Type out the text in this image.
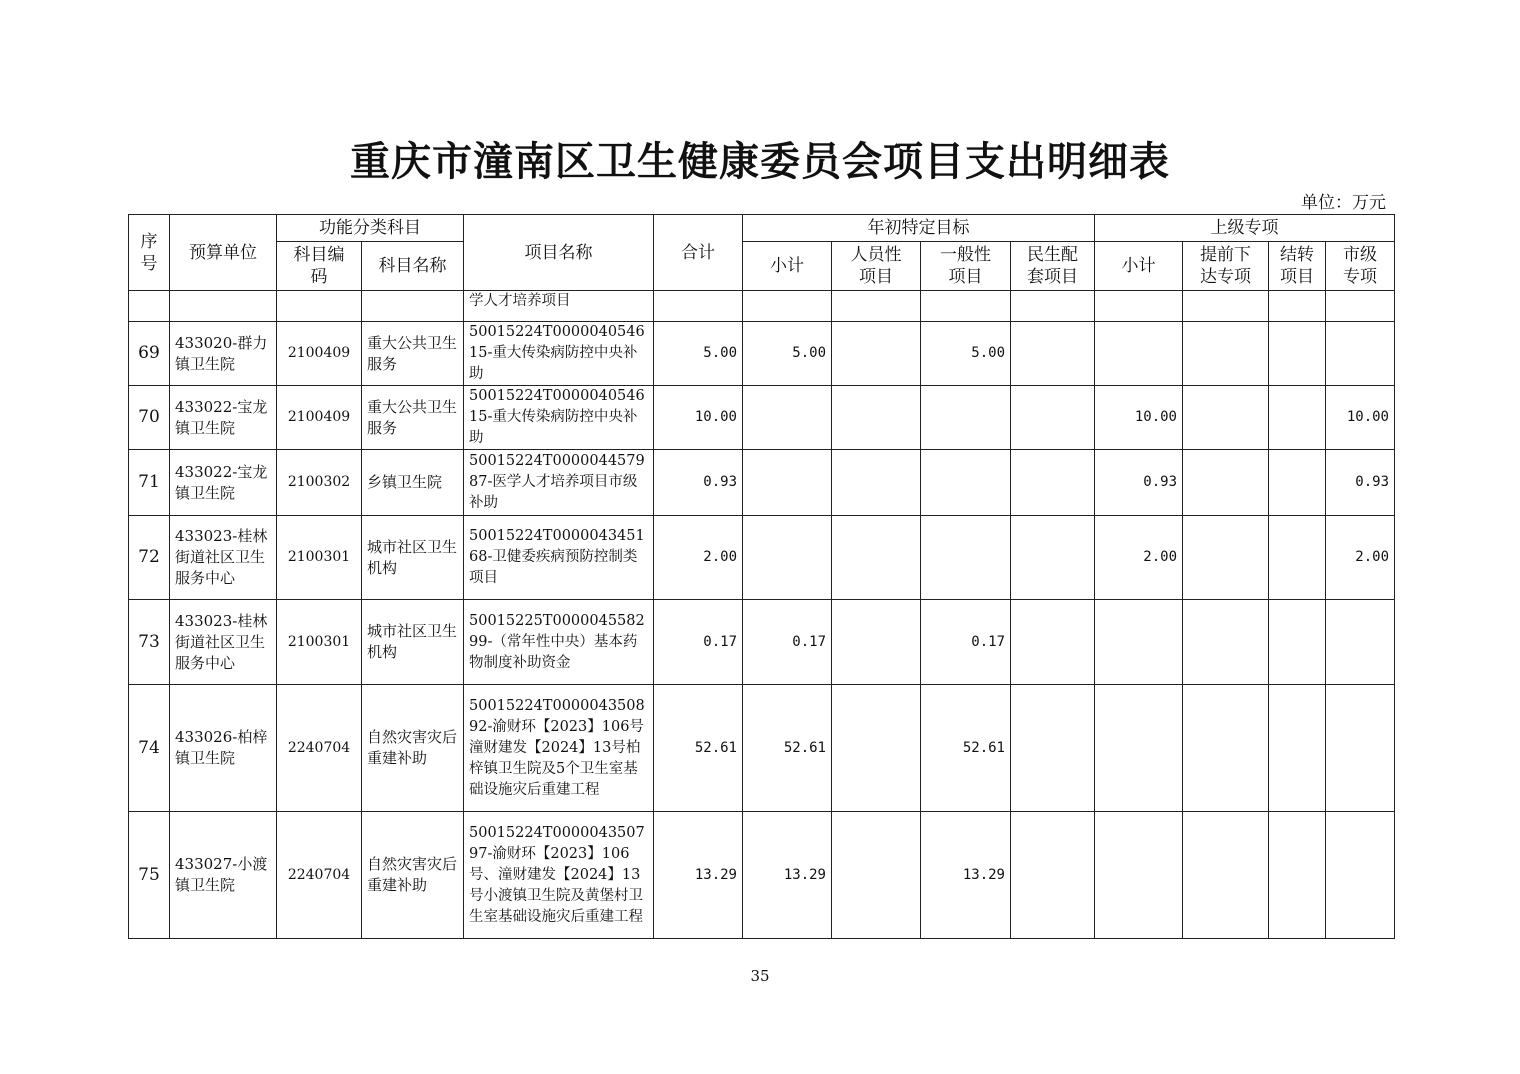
重庆市潼南区卫生健康委员会项目支出明细表
单位：万元
序号	预算单位	功能分类科目		项目名称	合计	年初特定目标				上级专项			
		科目编码	科目名称			小计	人员性项目	一般性项目	民生配套项目	小计	提前下达专项	结转项目	市级专项
				学人才培养项目									
69	433020-群力镇卫生院	2100409	重大公共卫生服务	50015224T000004054615-重大传染病防控中央补助	5.00	5.00		5.00					
70	433022-宝龙镇卫生院	2100409	重大公共卫生服务	50015224T000004054615-重大传染病防控中央补助	10.00					10.00			10.00
71	433022-宝龙镇卫生院	2100302	乡镇卫生院	50015224T000004457987-医学人才培养项目市级补助	0.93					0.93			0.93
72	433023-桂林街道社区卫生服务中心	2100301	城市社区卫生机构	50015224T000004345168-卫健委疾病预防控制类项目	2.00					2.00			2.00
73	433023-桂林街道社区卫生服务中心	2100301	城市社区卫生机构	50015225T000004558299-（常年性中央）基本药物制度补助资金	0.17	0.17		0.17					
74	433026-柏梓镇卫生院	2240704	自然灾害灾后重建补助	50015224T000004350892-渝财环【2023】106号潼财建发【2024】13号柏梓镇卫生院及5个卫生室基础设施灾后重建工程	52.61	52.61		52.61					
75	433027-小渡镇卫生院	2240704	自然灾害灾后重建补助	50015224T000004350797-渝财环【2023】106号、潼财建发【2024】13号小渡镇卫生院及黄堡村卫生室基础设施灾后重建工程	13.29	13.29		13.29					
35
